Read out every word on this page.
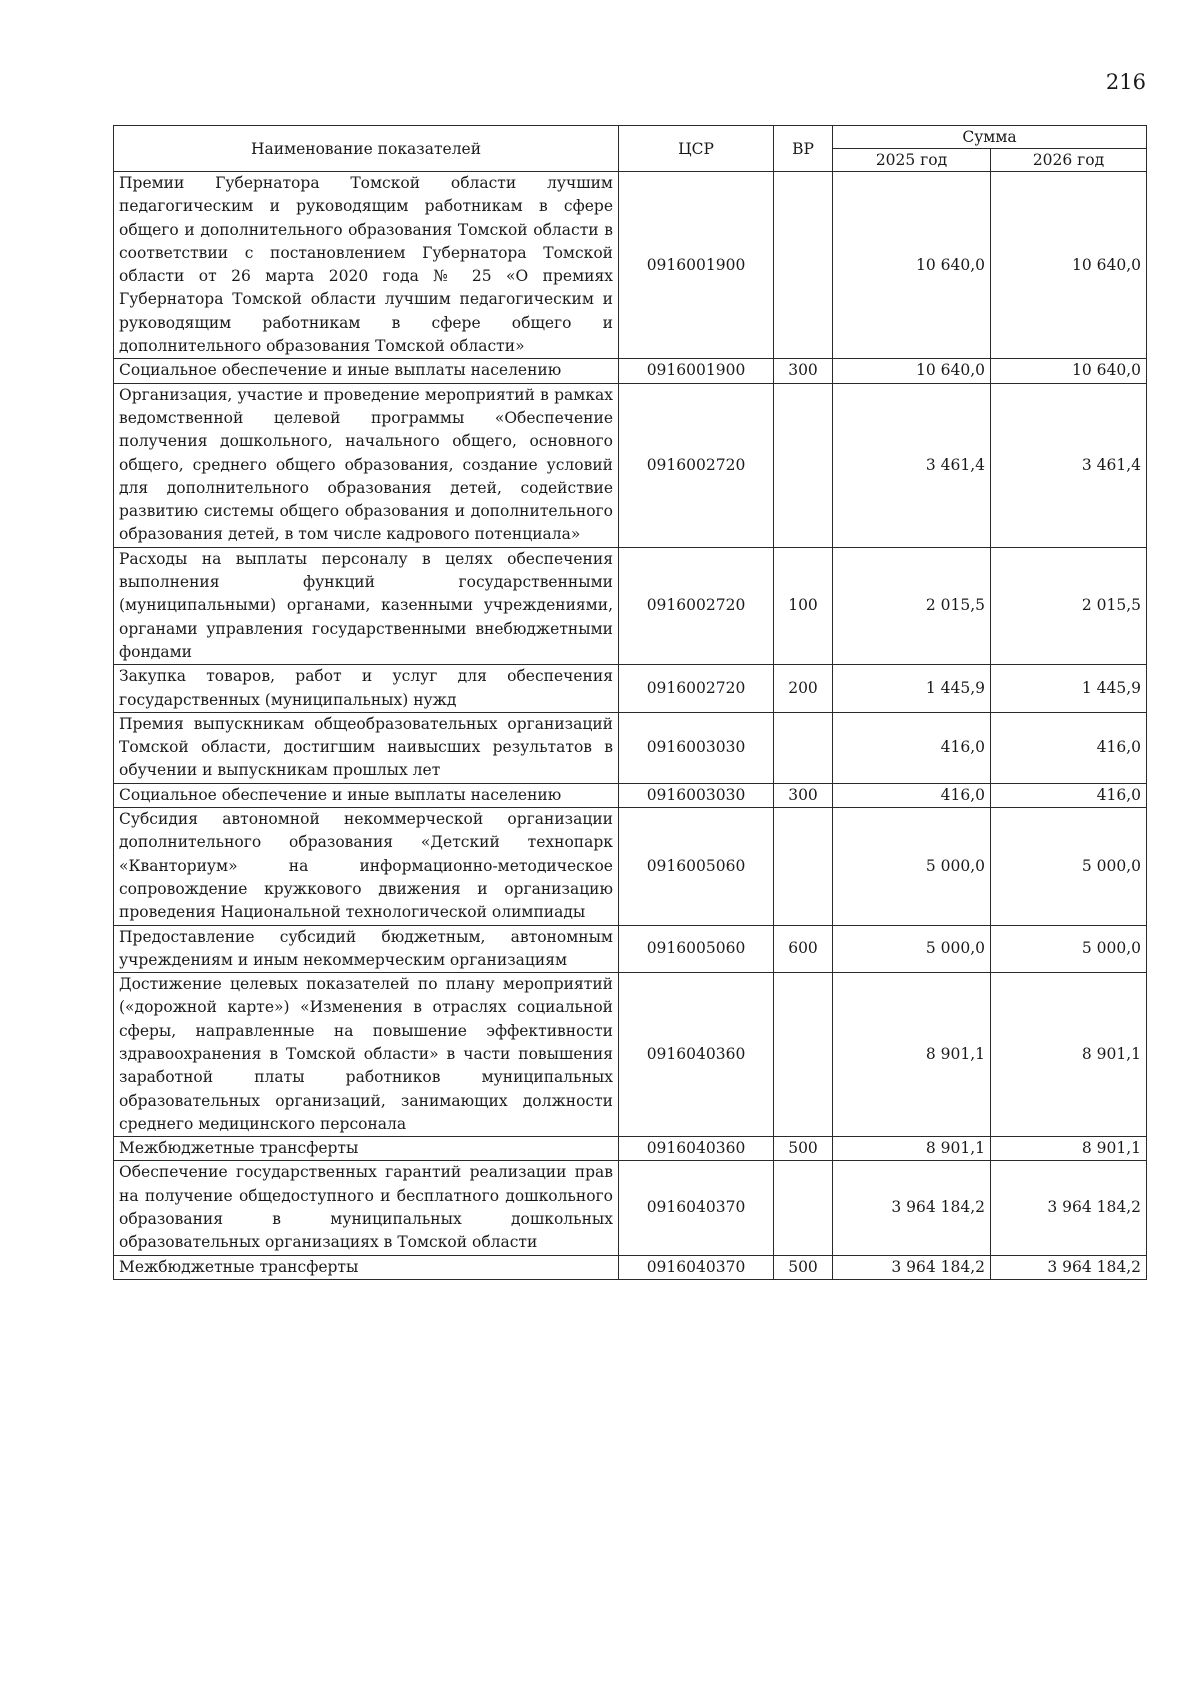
216
Наименование показателей	ЦСР	ВР	Сумма	
			2025 год	2026 год
Премии Губернатора Томской области лучшим педагогическим и руководящим работникам в сфере общего и дополнительного образования Томской области в соответствии с постановлением Губернатора Томской области от 26 марта 2020 года № 25 «О премиях Губернатора Томской области лучшим педагогическим и руководящим работникам в сфере общего и дополнительного образования Томской области»	0916001900		10 640,0	10 640,0
Социальное обеспечение и иные выплаты населению	0916001900	300	10 640,0	10 640,0
Организация, участие и проведение мероприятий в рамках ведомственной целевой программы «Обеспечение получения дошкольного, начального общего, основного общего, среднего общего образования, создание условий для дополнительного образования детей, содействие развитию системы общего образования и дополнительного образования детей, в том числе кадрового потенциала»	0916002720		3 461,4	3 461,4
Расходы на выплаты персоналу в целях обеспечения выполнения функций государственными (муниципальными) органами, казенными учреждениями, органами управления государственными внебюджетными фондами	0916002720	100	2 015,5	2 015,5
Закупка товаров, работ и услуг для обеспечения государственных (муниципальных) нужд	0916002720	200	1 445,9	1 445,9
Премия выпускникам общеобразовательных организаций Томской области, достигшим наивысших результатов в обучении и выпускникам прошлых лет	0916003030		416,0	416,0
Социальное обеспечение и иные выплаты населению	0916003030	300	416,0	416,0
Субсидия автономной некоммерческой организации дополнительного образования «Детский технопарк «Кванториум» на информационно-методическое сопровождение кружкового движения и организацию проведения Национальной технологической олимпиады	0916005060		5 000,0	5 000,0
Предоставление субсидий бюджетным, автономным учреждениям и иным некоммерческим организациям	0916005060	600	5 000,0	5 000,0
Достижение целевых показателей по плану мероприятий («дорожной карте») «Изменения в отраслях социальной сферы, направленные на повышение эффективности здравоохранения в Томской области» в части повышения заработной платы работников муниципальных образовательных организаций, занимающих должности среднего медицинского персонала	0916040360		8 901,1	8 901,1
Межбюджетные трансферты	0916040360	500	8 901,1	8 901,1
Обеспечение государственных гарантий реализации прав на получение общедоступного и бесплатного дошкольного образования в муниципальных дошкольных образовательных организациях в Томской области	0916040370		3 964 184,2	3 964 184,2
Межбюджетные трансферты	0916040370	500	3 964 184,2	3 964 184,2
